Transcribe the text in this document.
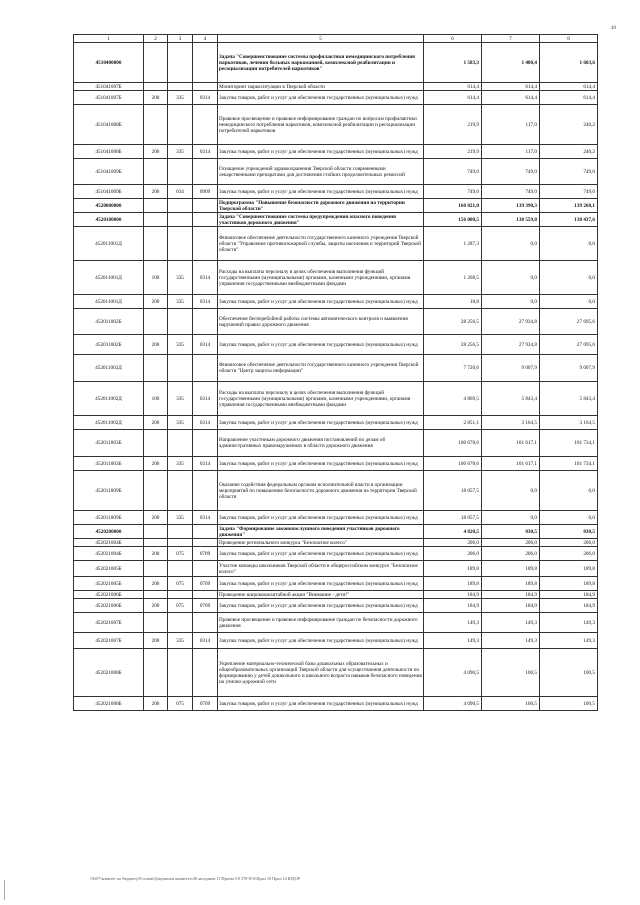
40
1	2	3	4	5	6	7	8
4510400000				Задача "Совершенствование системы профилактики немедицинского потребления наркотиков, лечения больных наркоманией, комплексной реабилитации и ресоциализации потребителей наркотиков"	1 583,3	1 480,4	1 603,6
451041007Б				Мониторинг наркоситуации в Тверской области	614,4	614,4	614,4
451041007Б	200	335	0314	Закупка товаров, работ и услуг для обеспечения государственных (муниципальных) нужд	614,4	614,4	614,4
451041008Б				Правовое просвещение и правовое информирование граждан по вопросам профилактики немедицинского потребления наркотиков, комплексной реабилитации и ресоциализации потребителей наркотиков	219,9	117,0	240,2
451041008Б	200	335	0314	Закупка товаров, работ и услуг для обеспечения государственных (муниципальных) нужд	219,9	117,0	240,2
451041009Б				Оснащение учреждений здравоохранения Тверской области современными лекарственными препаратами для достижения стойких продолжительных ремиссий	749,0	749,0	749,0
451041009Б	200	034	0909	Закупка товаров, работ и услуг для обеспечения государственных (муниципальных) нужд	749,0	749,0	749,0
4520000000				Подпрограмма "Повышение безопасности дорожного движения на территории Тверской области"	160 821,0	139 390,3	139 268,1
4520100000				Задача "Совершенствование системы предупреждения опасного поведения участников дорожного движения"	156 000,5	138 559,8	138 437,6
452011001Д				Финансовое обеспечение деятельности государственного казенного учреждения Тверской области "Управление противопожарной службы, защиты населения и территорий Тверской области"	1 287,3	0,0	0,0
452011001Д	100	335	0314	Расходы на выплаты персоналу в целях обеспечения выполнения функций государственными (муниципальными) органами, казенными учреждениями, органами управления государственными внебюджетными фондами	1 268,5	0,0	0,0
452011001Д	200	335	0314	Закупка товаров, работ и услуг для обеспечения государственных (муниципальных) нужд	18,8	0,0	0,0
452011002Б				Обеспечение бесперебойной работы системы автоматического контроля и выявления нарушений правил дорожного движения	28 256,5	27 934,8	27 695,6
452011002Б	200	335	0314	Закупка товаров, работ и услуг для обеспечения государственных (муниципальных) нужд	28 256,5	27 934,8	27 695,6
452011002Д				Финансовое обеспечение деятельности государственного казенного учреждения Тверской области "Центр защиты информации"	7 720,6	9 007,9	9 007,9
452011002Д	100	335	0314	Расходы на выплаты персоналу в целях обеспечения выполнения функций государственными (муниципальными) органами, казенными учреждениями, органами управления государственными внебюджетными фондами	4 869,5	5 843,4	5 843,4
452011002Д	200	335	0314	Закупка товаров, работ и услуг для обеспечения государственных (муниципальных) нужд	2 851,1	3 164,5	3 164,5
452011003Б				Направление участникам дорожного движения постановлений по делам об административных правонарушениях в области дорожного движения	100 678,6	101 617,1	101 734,1
452011003Б	200	335	0314	Закупка товаров, работ и услуг для обеспечения государственных (муниципальных) нужд	100 678,6	101 617,1	101 734,1
452011009Б				Оказание содействия федеральным органам исполнительной власти в организации мероприятий по повышению безопасности дорожного движения на территории Тверской области	18 057,5	0,0	0,0
452011009Б	200	335	0314	Закупка товаров, работ и услуг для обеспечения государственных (муниципальных) нужд	18 057,5	0,0	0,0
4520200000				Задача "Формирование законопослушного поведения участников дорожного движения"	4 820,5	830,5	830,5
452021004Б				Проведение регионального конкурса "Безопасное колесо"	206,0	206,0	206,0
452021004Б	200	075	0709	Закупка товаров, работ и услуг для обеспечения государственных (муниципальных) нужд	206,0	206,0	206,0
452021005Б				Участие команды школьников Тверской области в общероссийском конкурсе "Безопасное колесо"	189,8	189,8	189,8
452021005Б	200	075	0709	Закупка товаров, работ и услуг для обеспечения государственных (муниципальных) нужд	189,8	189,8	189,8
452021006Б				Проведение широкомасштабной акции "Внимание - дети!"	184,9	184,9	184,9
452021006Б	200	075	0709	Закупка товаров, работ и услуг для обеспечения государственных (муниципальных) нужд	184,9	184,9	184,9
452021007Б				Правовое просвещение и правовое информирование граждан по безопасности дорожного движения	149,3	149,3	149,3
452021007Б	200	335	0314	Закупка товаров, работ и услуг для обеспечения государственных (муниципальных) нужд	149,3	149,3	149,3
452021008Б				Укрепление материально-технической базы дошкольных образовательных и общеобразовательных организаций Тверской области для осуществления деятельности по формированию у детей дошкольного и школьного возраста навыков безопасного поведения на улично-дорожной сети	4 090,5	100,5	100,5
452021008Б	200	075	0709	Закупка товаров, работ и услуг для обеспечения государственных (муниципальных) нужд	4 090,5	100,5	100,5
\\Fs07\комитет по бюджету\8 созыв\Документы комитета\38 заседание 11\Проект\10 378-П-6\Прил 10 Прил 14 ЮДОР
